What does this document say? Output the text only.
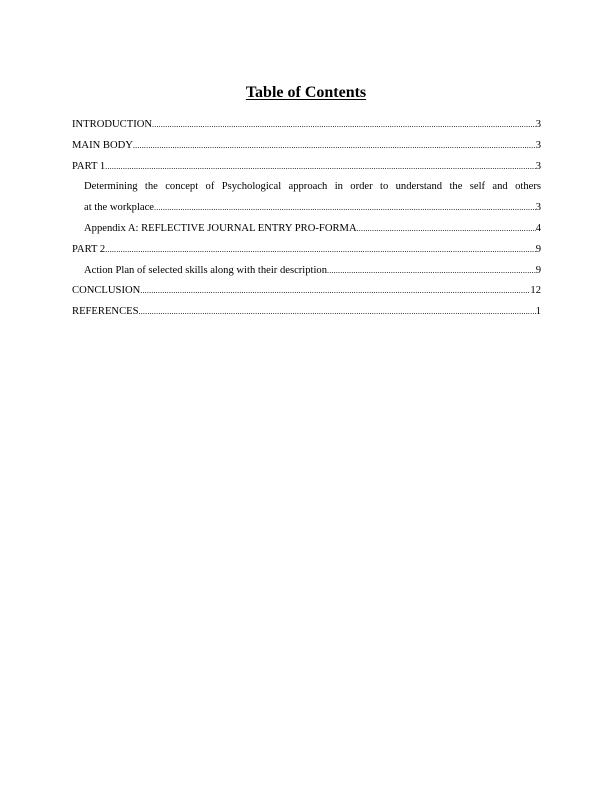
Table of Contents
INTRODUCTION .....	3
MAIN BODY .....	3
PART 1 .....	3
Determining the concept of Psychological approach in order to understand the self and others
at the workplace .....	3
Appendix A: REFLECTIVE JOURNAL ENTRY PRO-FORMA .....	4
PART 2 .....	9
Action Plan of selected skills along with their description .....	9
CONCLUSION .....	12
REFERENCES .....	1
